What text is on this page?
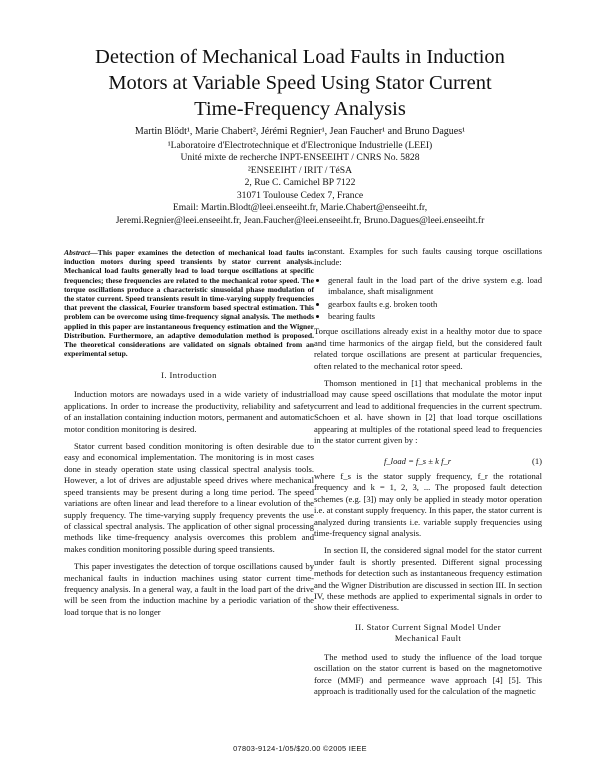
Detection of Mechanical Load Faults in Induction
Motors at Variable Speed Using Stator Current
Time-Frequency Analysis
Martin Blödt¹, Marie Chabert², Jérémi Regnier¹, Jean Faucher¹ and Bruno Dagues¹
¹Laboratoire d'Electrotechnique et d'Electronique Industrielle (LEEI)
Unité mixte de recherche INPT-ENSEEIHT / CNRS No. 5828
²ENSEEIHT / IRIT / TéSA
2, Rue C. Camichel BP 7122
31071 Toulouse Cedex 7, France
Email: Martin.Blodt@leei.enseeiht.fr, Marie.Chabert@enseeiht.fr,
Jeremi.Regnier@leei.enseeiht.fr, Jean.Faucher@leei.enseeiht.fr, Bruno.Dagues@leei.enseeiht.fr
Abstract—This paper examines the detection of mechanical load faults in induction motors during speed transients by stator current analysis. Mechanical load faults generally lead to load torque oscillations at specific frequencies; these frequencies are related to the mechanical rotor speed. The torque oscillations produce a characteristic sinusoidal phase modulation of the stator current. Speed transients result in time-varying supply frequencies that prevent the classical, Fourier transform based spectral estimation. This problem can be overcome using time-frequency signal analysis. The methods applied in this paper are instantaneous frequency estimation and the Wigner Distribution. Furthermore, an adaptive demodulation method is proposed. The theoretical considerations are validated on signals obtained from an experimental setup.
I. Introduction

Induction motors are nowadays used in a wide variety of industrial applications. In order to increase the productivity, reliability and safety of an installation containing induction motors, permanent and automatic motor condition monitoring is desired.

Stator current based condition monitoring is often desirable due to easy and economical implementation. The monitoring is in most cases done in steady operation state using classical spectral analysis tools. However, a lot of drives are adjustable speed drives where mechanical speed transients may be present during a long time period. The speed variations are often linear and lead therefore to a linear evolution of the supply frequency. The time-varying supply frequency prevents the use of classical spectral analysis. The application of other signal processing methods like time-frequency analysis overcomes this problem and makes condition monitoring possible during speed transients.

This paper investigates the detection of torque oscillations caused by mechanical faults in induction machines using stator current time-frequency analysis. In a general way, a fault in the load part of the drive will be seen from the induction machine by a periodic variation of the load torque that is no longer

constant. Examples for such faults causing torque oscillations include:

• general fault in the load part of the drive system e.g. load imbalance, shaft misalignment
• gearbox faults e.g. broken tooth
• bearing faults

Torque oscillations already exist in a healthy motor due to space and time harmonics of the airgap field, but the considered fault related torque oscillations are present at particular frequencies, often related to the mechanical rotor speed.

Thomson mentioned in [1] that mechanical problems in the load may cause speed oscillations that modulate the motor input current and lead to additional frequencies in the current spectrum. Schoen et al. have shown in [2] that load torque oscillations appearing at multiples of the rotational speed lead to frequencies in the stator current given by :

f_load = f_s ± k f_r	(1)

where f_s is the stator supply frequency, f_r the rotational frequency and k = 1, 2, 3, ... The proposed fault detection schemes (e.g. [3]) may only be applied in steady motor operation i.e. at constant supply frequency. In this paper, the stator current is analyzed during transients i.e. variable supply frequencies using time-frequency signal analysis.

In section II, the considered signal model for the stator current under fault is shortly presented. Different signal processing methods for detection such as instantaneous frequency estimation and the Wigner Distribution are discussed in section III. In section IV, these methods are applied to experimental signals in order to show their effectiveness.

II. Stator Current Signal Model Under
Mechanical Fault

The method used to study the influence of the load torque oscillation on the stator current is based on the magnetomotive force (MMF) and permeance wave approach [4] [5]. This approach is traditionally used for the calculation of the magnetic

07803-9124-1/05/$20.00 ©2005 IEEE
